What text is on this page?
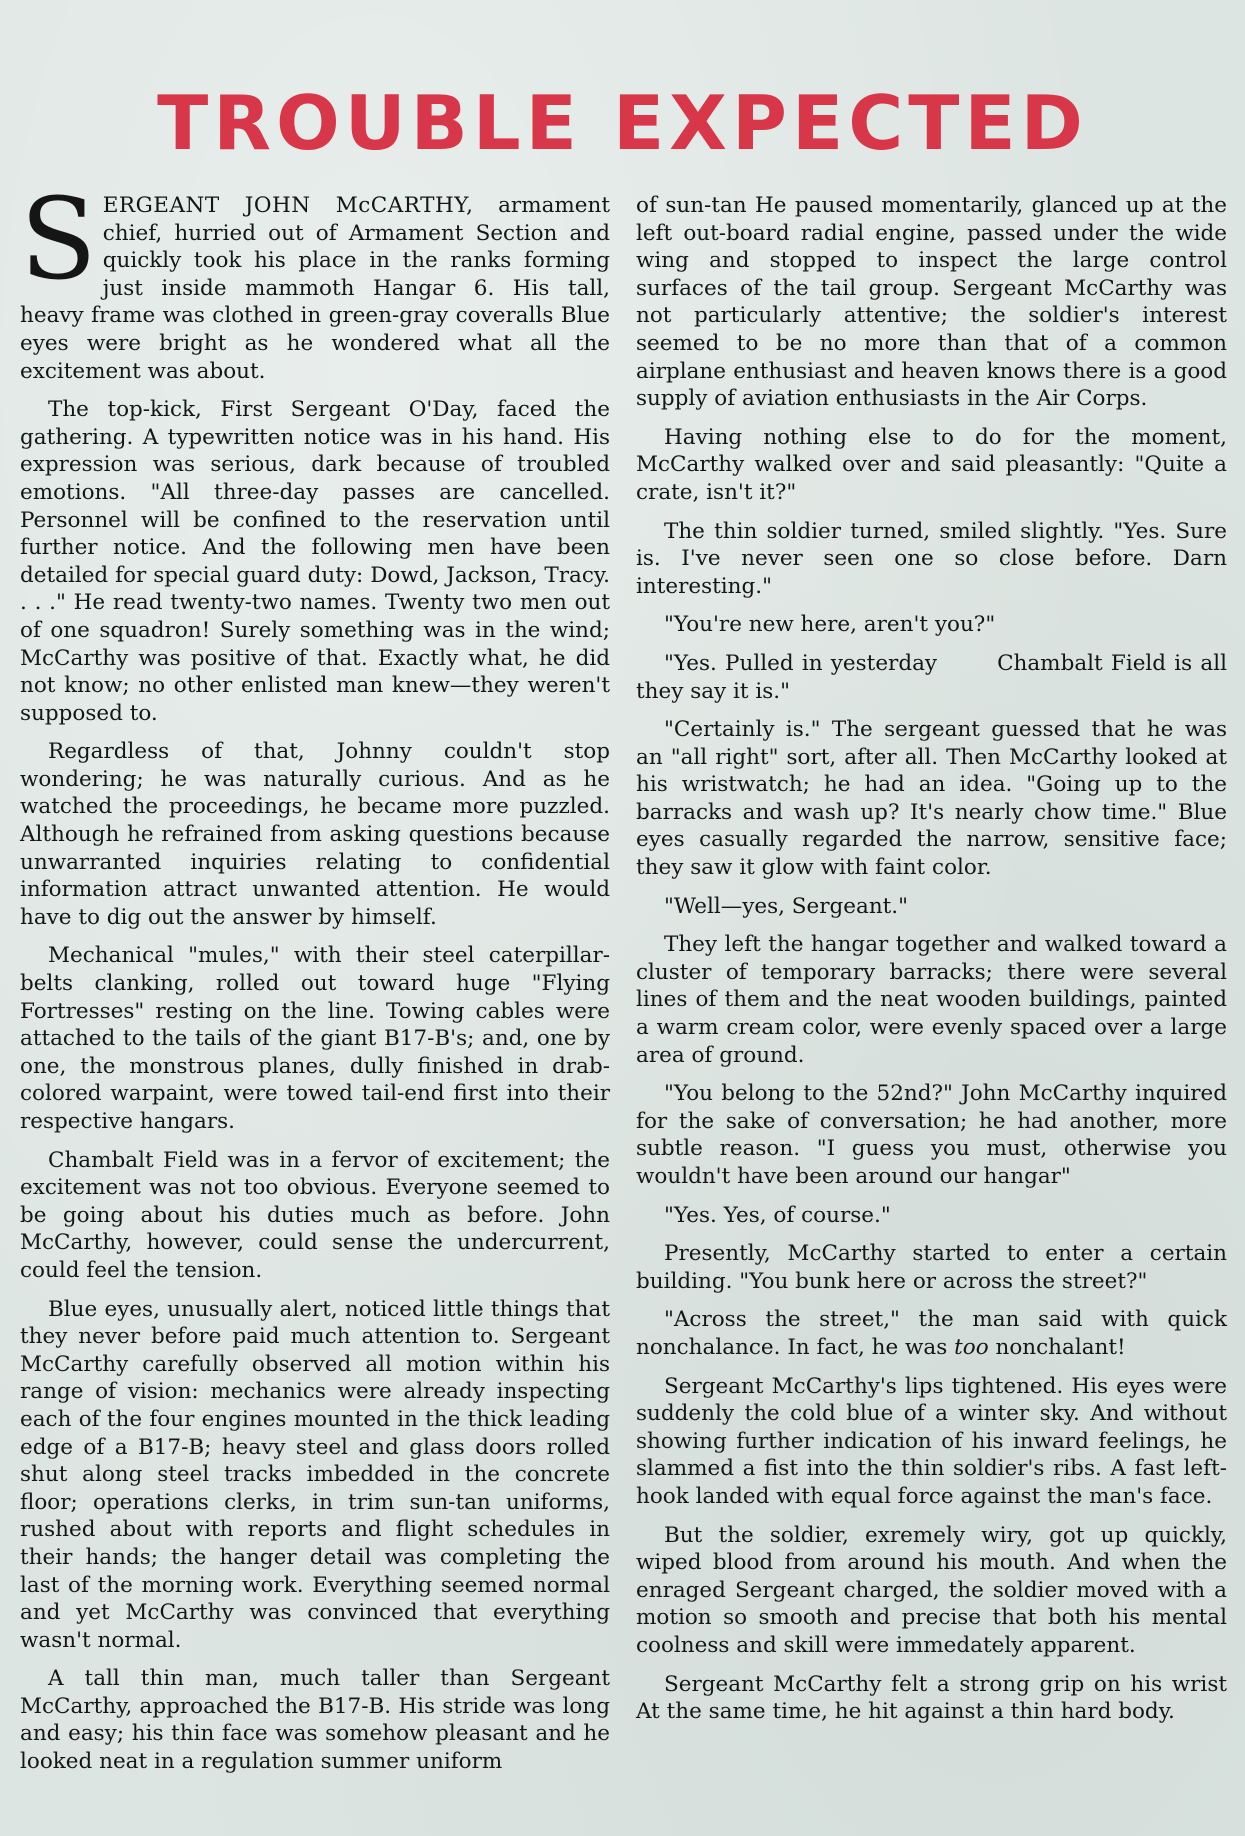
TROUBLE EXPECTED

SERGEANT JOHN McCARTHY, armament chief, hurried out of Armament Section and quickly took his place in the ranks forming just inside mammoth Hangar 6. His tall, heavy frame was clothed in green-gray coveralls Blue eyes were bright as he wondered what all the excitement was about.

The top-kick, First Sergeant O'Day, faced the gathering. A typewritten notice was in his hand. His expression was serious, dark because of troubled emotions. "All three-day passes are cancelled. Personnel will be confined to the reservation until further notice. And the following men have been detailed for special guard duty: Dowd, Jackson, Tracy. . . ." He read twenty-two names. Twenty two men out of one squadron! Surely something was in the wind; McCarthy was positive of that. Exactly what, he did not know; no other enlisted man knew—they weren't supposed to.

Regardless of that, Johnny couldn't stop wondering; he was naturally curious. And as he watched the proceedings, he became more puzzled. Although he refrained from asking questions because unwarranted inquiries relating to confidential information attract unwanted attention. He would have to dig out the answer by himself.

Mechanical "mules," with their steel caterpillar-belts clanking, rolled out toward huge "Flying Fortresses" resting on the line. Towing cables were attached to the tails of the giant B17-B's; and, one by one, the monstrous planes, dully finished in drab-colored warpaint, were towed tail-end first into their respective hangars.

Chambalt Field was in a fervor of excitement; the excitement was not too obvious. Everyone seemed to be going about his duties much as before. John McCarthy, however, could sense the undercurrent, could feel the tension.

Blue eyes, unusually alert, noticed little things that they never before paid much attention to. Sergeant McCarthy carefully observed all motion within his range of vision: mechanics were already inspecting each of the four engines mounted in the thick leading edge of a B17-B; heavy steel and glass doors rolled shut along steel tracks imbedded in the concrete floor; operations clerks, in trim sun-tan uniforms, rushed about with reports and flight schedules in their hands; the hanger detail was completing the last of the morning work. Everything seemed normal and yet McCarthy was convinced that everything wasn't normal.

A tall thin man, much taller than Sergeant McCarthy, approached the B17-B. His stride was long and easy; his thin face was somehow pleasant and he looked neat in a regulation summer uniform

of sun-tan He paused momentarily, glanced up at the left out-board radial engine, passed under the wide wing and stopped to inspect the large control surfaces of the tail group. Sergeant McCarthy was not particularly attentive; the soldier's interest seemed to be no more than that of a common airplane enthusiast and heaven knows there is a good supply of aviation enthusiasts in the Air Corps.

Having nothing else to do for the moment, McCarthy walked over and said pleasantly: "Quite a crate, isn't it?"

The thin soldier turned, smiled slightly. "Yes. Sure is. I've never seen one so close before. Darn interesting."

"You're new here, aren't you?"

"Yes. Pulled in yesterday	Chambalt Field is all they say it is."

"Certainly is." The sergeant guessed that he was an "all right" sort, after all. Then McCarthy looked at his wristwatch; he had an idea. "Going up to the barracks and wash up? It's nearly chow time." Blue eyes casually regarded the narrow, sensitive face; they saw it glow with faint color.

"Well—yes, Sergeant."

They left the hangar together and walked toward a cluster of temporary barracks; there were several lines of them and the neat wooden buildings, painted a warm cream color, were evenly spaced over a large area of ground.

"You belong to the 52nd?" John McCarthy inquired for the sake of conversation; he had another, more subtle reason. "I guess you must, otherwise you wouldn't have been around our hangar"

"Yes. Yes, of course."

Presently, McCarthy started to enter a certain building. "You bunk here or across the street?"

"Across the street," the man said with quick nonchalance. In fact, he was too nonchalant!

Sergeant McCarthy's lips tightened. His eyes were suddenly the cold blue of a winter sky. And without showing further indication of his inward feelings, he slammed a fist into the thin soldier's ribs. A fast left-hook landed with equal force against the man's face.

But the soldier, exremely wiry, got up quickly, wiped blood from around his mouth. And when the enraged Sergeant charged, the soldier moved with a motion so smooth and precise that both his mental coolness and skill were immedately apparent.

Sergeant McCarthy felt a strong grip on his wrist At the same time, he hit against a thin hard body.
